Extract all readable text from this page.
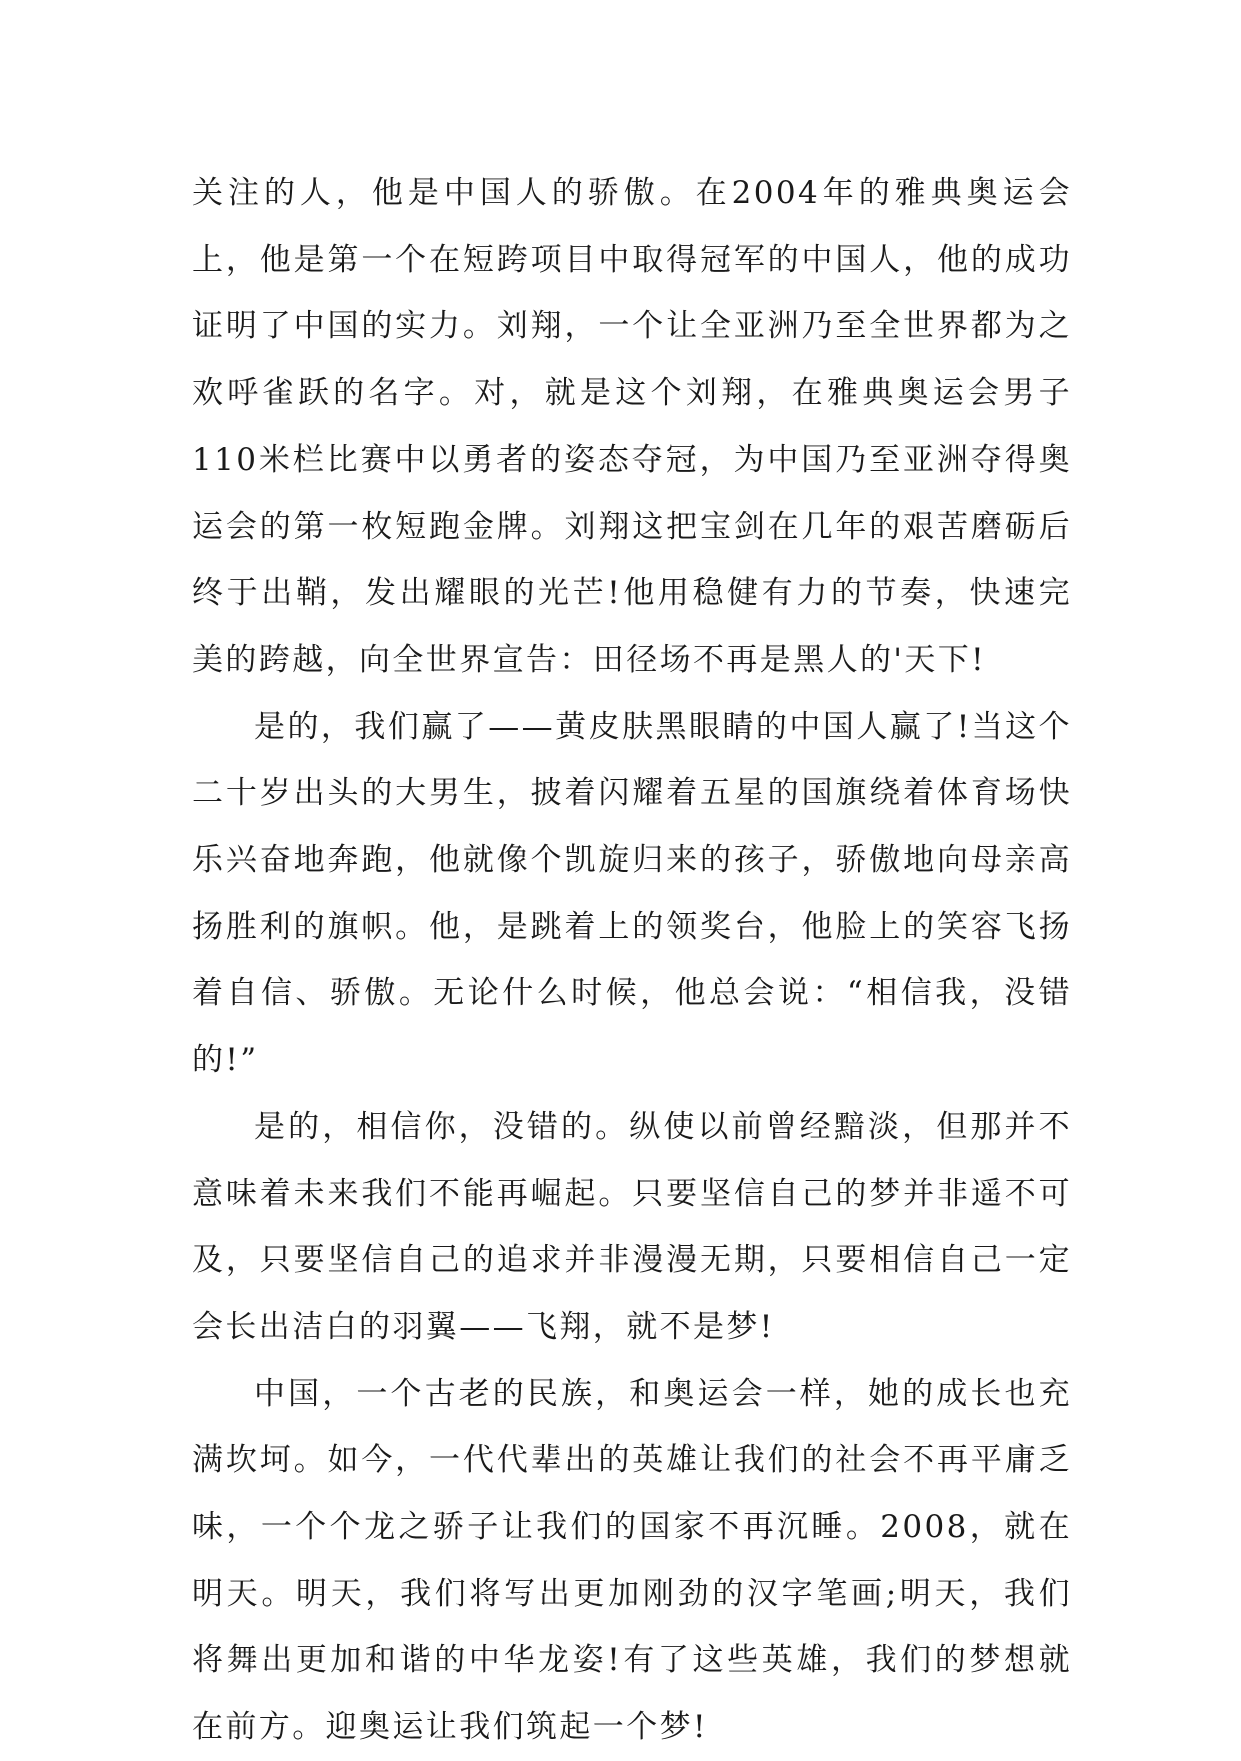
关注的人，他是中国人的骄傲。在2004年的雅典奥运会上，他是第一个在短跨项目中取得冠军的中国人，他的成功证明了中国的实力。刘翔，一个让全亚洲乃至全世界都为之欢呼雀跃的名字。对，就是这个刘翔，在雅典奥运会男子110米栏比赛中以勇者的姿态夺冠，为中国乃至亚洲夺得奥运会的第一枚短跑金牌。刘翔这把宝剑在几年的艰苦磨砺后终于出鞘，发出耀眼的光芒!他用稳健有力的节奏，快速完美的跨越，向全世界宣告：田径场不再是黑人的'天下!

是的，我们赢了——黄皮肤黑眼睛的中国人赢了!当这个二十岁出头的大男生，披着闪耀着五星的国旗绕着体育场快乐兴奋地奔跑，他就像个凯旋归来的孩子，骄傲地向母亲高扬胜利的旗帜。他，是跳着上的领奖台，他脸上的笑容飞扬着自信、骄傲。无论什么时候，他总会说：“相信我，没错的!”

是的，相信你，没错的。纵使以前曾经黯淡，但那并不意味着未来我们不能再崛起。只要坚信自己的梦并非遥不可及，只要坚信自己的追求并非漫漫无期，只要相信自己一定会长出洁白的羽翼——飞翔，就不是梦!

中国，一个古老的民族，和奥运会一样，她的成长也充满坎坷。如今，一代代辈出的英雄让我们的社会不再平庸乏味，一个个龙之骄子让我们的国家不再沉睡。2008，就在明天。明天，我们将写出更加刚劲的汉字笔画;明天，我们将舞出更加和谐的中华龙姿!有了这些英雄，我们的梦想就在前方。迎奥运让我们筑起一个梦!
